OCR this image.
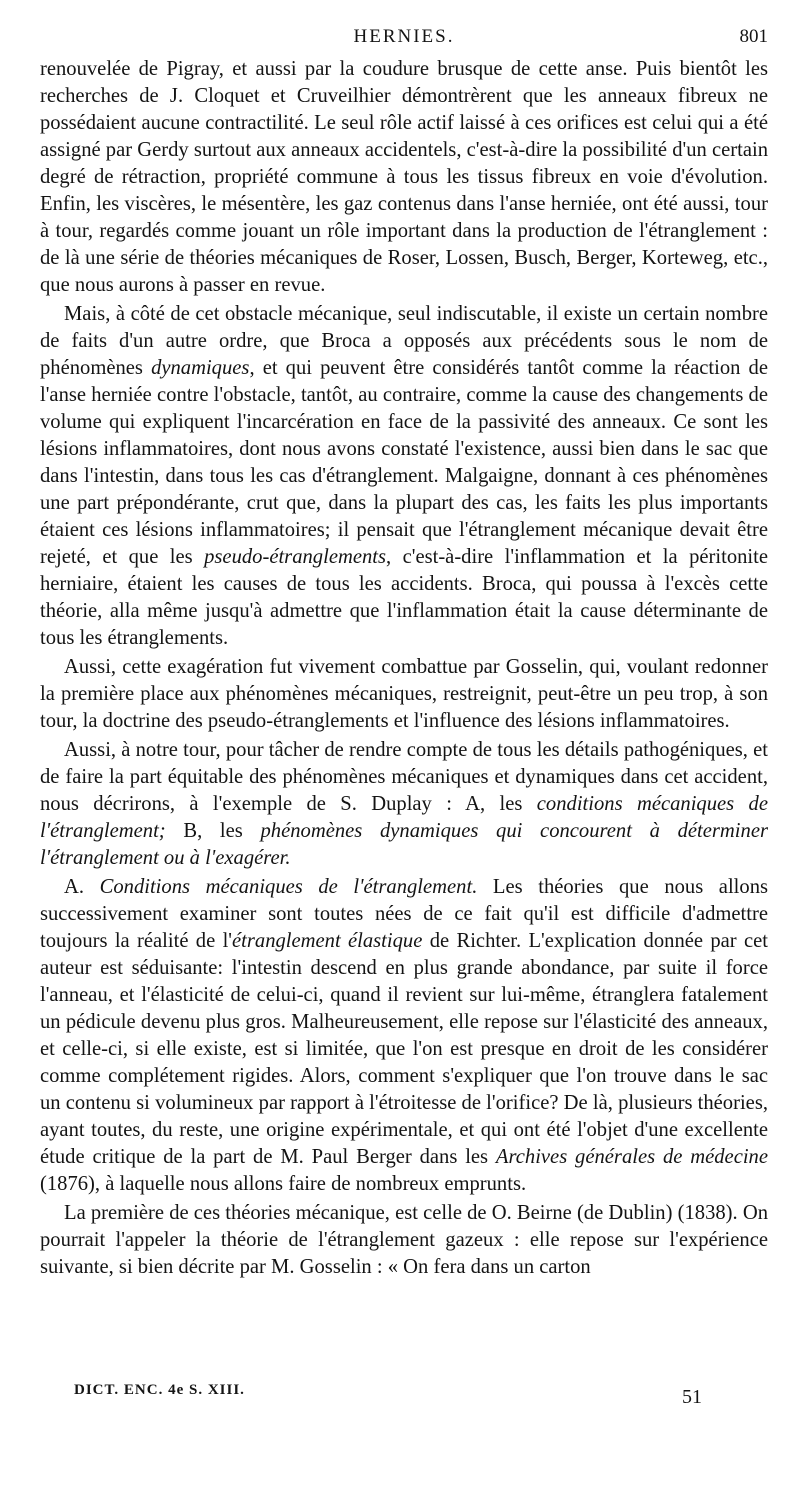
HERNIES.	801

renouvelée de Pigray, et aussi par la coudure brusque de cette anse. Puis bientôt les recherches de J. Cloquet et Cruveilhier démontrèrent que les anneaux fibreux ne possédaient aucune contractilité. Le seul rôle actif laissé à ces orifices est celui qui a été assigné par Gerdy surtout aux anneaux accidentels, c'est-à-dire la possibilité d'un certain degré de rétraction, propriété commune à tous les tissus fibreux en voie d'évolution. Enfin, les viscères, le mésentère, les gaz contenus dans l'anse herniée, ont été aussi, tour à tour, regardés comme jouant un rôle important dans la production de l'étranglement : de là une série de théories mécaniques de Roser, Lossen, Busch, Berger, Korteweg, etc., que nous aurons à passer en revue.

Mais, à côté de cet obstacle mécanique, seul indiscutable, il existe un certain nombre de faits d'un autre ordre, que Broca a opposés aux précédents sous le nom de phénomènes dynamiques, et qui peuvent être considérés tantôt comme la réaction de l'anse herniée contre l'obstacle, tantôt, au contraire, comme la cause des changements de volume qui expliquent l'incarcération en face de la passivité des anneaux. Ce sont les lésions inflammatoires, dont nous avons constaté l'existence, aussi bien dans le sac que dans l'intestin, dans tous les cas d'étranglement. Malgaigne, donnant à ces phénomènes une part prépondérante, crut que, dans la plupart des cas, les faits les plus importants étaient ces lésions inflammatoires; il pensait que l'étranglement mécanique devait être rejeté, et que les pseudo-étranglements, c'est-à-dire l'inflammation et la péritonite herniaire, étaient les causes de tous les accidents. Broca, qui poussa à l'excès cette théorie, alla même jusqu'à admettre que l'inflammation était la cause déterminante de tous les étranglements.

Aussi, cette exagération fut vivement combattue par Gosselin, qui, voulant redonner la première place aux phénomènes mécaniques, restreignit, peut-être un peu trop, à son tour, la doctrine des pseudo-étranglements et l'influence des lésions inflammatoires.

Aussi, à notre tour, pour tâcher de rendre compte de tous les détails pathogéniques, et de faire la part équitable des phénomènes mécaniques et dynamiques dans cet accident, nous décrirons, à l'exemple de S. Duplay : A, les conditions mécaniques de l'étranglement; B, les phénomènes dynamiques qui concourent à déterminer l'étranglement ou à l'exagérer.

A. Conditions mécaniques de l'étranglement. Les théories que nous allons successivement examiner sont toutes nées de ce fait qu'il est difficile d'admettre toujours la réalité de l'étranglement élastique de Richter. L'explication donnée par cet auteur est séduisante: l'intestin descend en plus grande abondance, par suite il force l'anneau, et l'élasticité de celui-ci, quand il revient sur lui-même, étranglera fatalement un pédicule devenu plus gros. Malheureusement, elle repose sur l'élasticité des anneaux, et celle-ci, si elle existe, est si limitée, que l'on est presque en droit de les considérer comme complétement rigides. Alors, comment s'expliquer que l'on trouve dans le sac un contenu si volumineux par rapport à l'étroitesse de l'orifice? De là, plusieurs théories, ayant toutes, du reste, une origine expérimentale, et qui ont été l'objet d'une excellente étude critique de la part de M. Paul Berger dans les Archives générales de médecine (1876), à laquelle nous allons faire de nombreux emprunts.

La première de ces théories mécanique, est celle de O. Beirne (de Dublin) (1838). On pourrait l'appeler la théorie de l'étranglement gazeux : elle repose sur l'expérience suivante, si bien décrite par M. Gosselin : « On fera dans un carton

DICT. ENC. 4e S. XIII.	51
